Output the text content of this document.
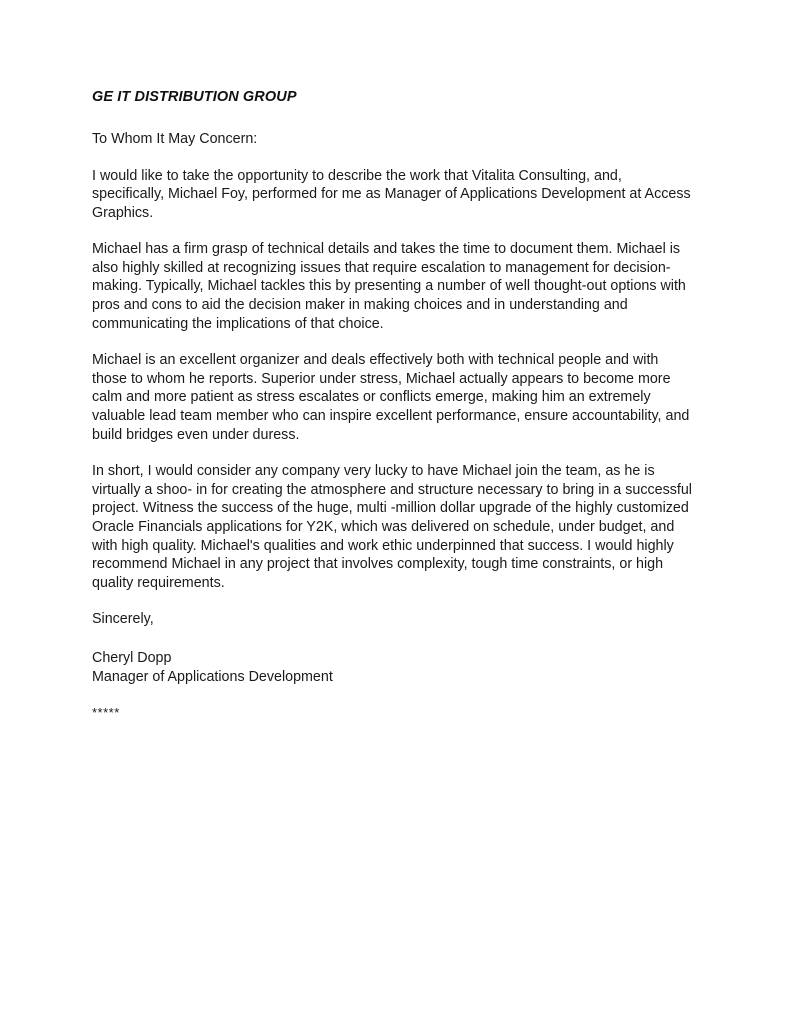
GE IT DISTRIBUTION GROUP

To Whom It May Concern:

I would like to take the opportunity to describe the work that Vitalita Consulting, and, specifically, Michael Foy, performed for me as Manager of Applications Development at Access Graphics.

Michael has a firm grasp of technical details and takes the time to document them. Michael is also highly skilled at recognizing issues that require escalation to management for decision-making. Typically, Michael tackles this by presenting a number of well thought-out options with pros and cons to aid the decision maker in making choices and in understanding and communicating the implications of that choice.

Michael is an excellent organizer and deals effectively both with technical people and with those to whom he reports. Superior under stress, Michael actually appears to become more calm and more patient as stress escalates or conflicts emerge, making him an extremely valuable lead team member who can inspire excellent performance, ensure accountability, and build bridges even under duress.

In short, I would consider any company very lucky to have Michael join the team, as he is virtually a shoo- in for creating the atmosphere and structure necessary to bring in a successful project. Witness the success of the huge, multi -million dollar upgrade of the highly customized Oracle Financials applications for Y2K, which was delivered on schedule, under budget, and with high quality. Michael's qualities and work ethic underpinned that success. I would highly recommend Michael in any project that involves complexity, tough time constraints, or high quality requirements.

Sincerely,

Cheryl Dopp
Manager of Applications Development

*****
